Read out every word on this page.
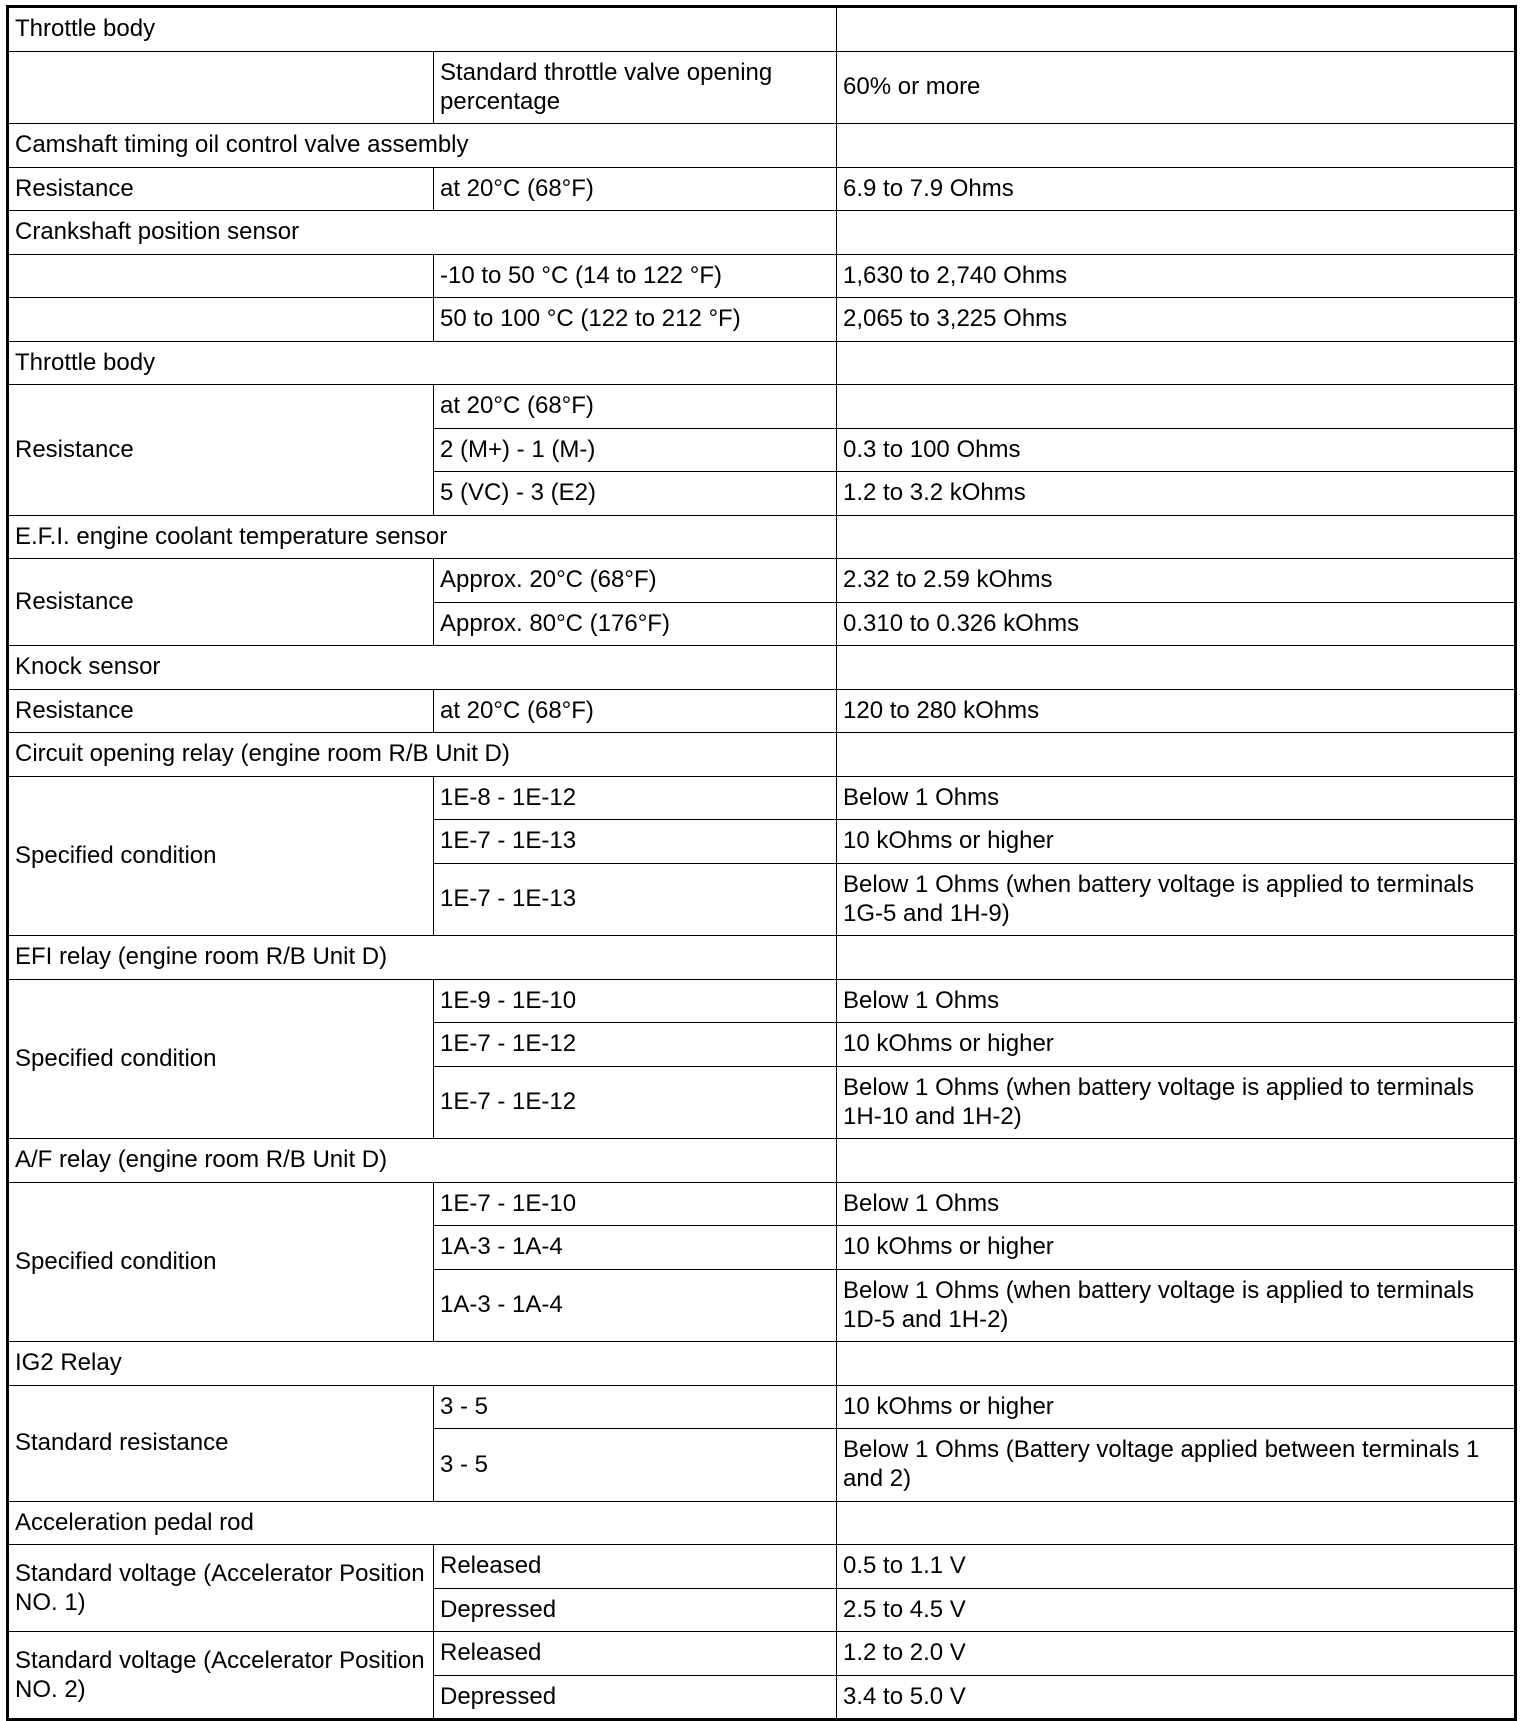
Throttle body		
	Standard throttle valve opening percentage	60% or more
Camshaft timing oil control valve assembly		
Resistance	at 20°C (68°F)	6.9 to 7.9 Ohms
Crankshaft position sensor		
	-10 to 50 °C (14 to 122 °F)	1,630 to 2,740 Ohms
	50 to 100 °C (122 to 212 °F)	2,065 to 3,225 Ohms
Throttle body		
Resistance	at 20°C (68°F)	
	2 (M+) - 1 (M-)	0.3 to 100 Ohms
	5 (VC) - 3 (E2)	1.2 to 3.2 kOhms
E.F.I. engine coolant temperature sensor		
Resistance	Approx. 20°C (68°F)	2.32 to 2.59 kOhms
	Approx. 80°C (176°F)	0.310 to 0.326 kOhms
Knock sensor		
Resistance	at 20°C (68°F)	120 to 280 kOhms
Circuit opening relay (engine room R/B Unit D)		
Specified condition	1E-8 - 1E-12	Below 1 Ohms
	1E-7 - 1E-13	10 kOhms or higher
	1E-7 - 1E-13	Below 1 Ohms (when battery voltage is applied to terminals 1G-5 and 1H-9)
EFI relay (engine room R/B Unit D)		
Specified condition	1E-9 - 1E-10	Below 1 Ohms
	1E-7 - 1E-12	10 kOhms or higher
	1E-7 - 1E-12	Below 1 Ohms (when battery voltage is applied to terminals 1H-10 and 1H-2)
A/F relay (engine room R/B Unit D)		
Specified condition	1E-7 - 1E-10	Below 1 Ohms
	1A-3 - 1A-4	10 kOhms or higher
	1A-3 - 1A-4	Below 1 Ohms (when battery voltage is applied to terminals 1D-5 and 1H-2)
IG2 Relay		
Standard resistance	3 - 5	10 kOhms or higher
	3 - 5	Below 1 Ohms (Battery voltage applied between terminals 1 and 2)
Acceleration pedal rod		
Standard voltage (Accelerator Position NO. 1)	Released	0.5 to 1.1 V
	Depressed	2.5 to 4.5 V
Standard voltage (Accelerator Position NO. 2)	Released	1.2 to 2.0 V
	Depressed	3.4 to 5.0 V
